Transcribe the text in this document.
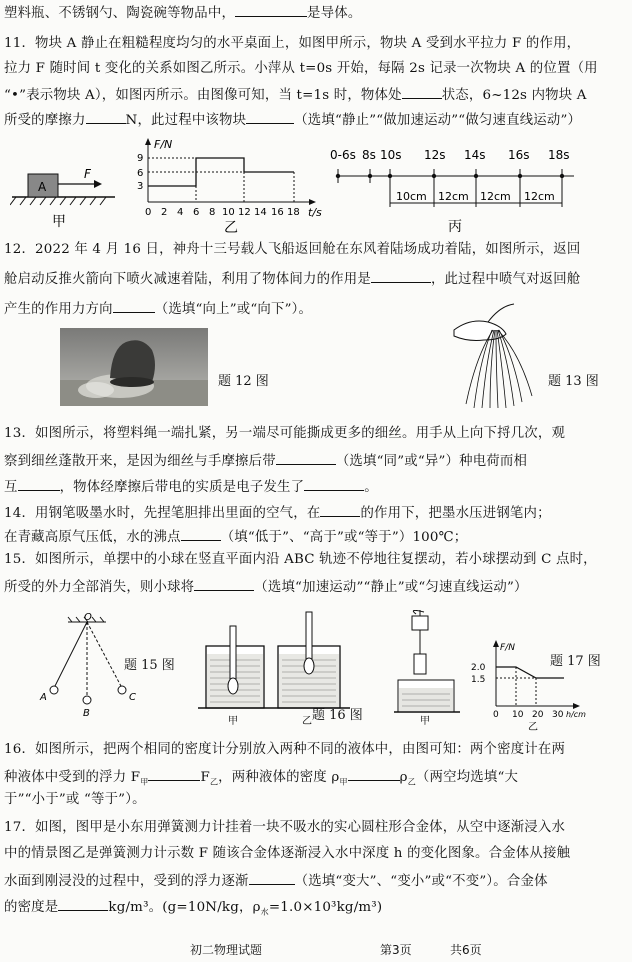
塑料瓶、不锈钢勺、陶瓷碗等物品中，	是导体。
11．物块 A 静止在粗糙程度均匀的水平桌面上，如图甲所示，物块 A 受到水平拉力 F 的作用，
拉力 F 随时间 t 变化的关系如图乙所示。小萍从 t=0s 开始，每隔 2s 记录一次物块 A 的位置（用
“•”表示物块 A），如图丙所示。由图像可知，当 t=1s 时，物体处	状态，6~12s 内物块 A
所受的摩擦力	N，此过程中该物块	（选填“静止”“做加速运动”“做匀速直线运动”）
A
F
甲
F/N
t/s
9
6
3
0 2 4 6 8 10 12 14 16 18
乙
0-6s 8s 10s 12s 14s 16s 18s
10cm 12cm 12cm 12cm
丙
12．2022 年 4 月 16 日，神舟十三号载人飞船返回舱在东风着陆场成功着陆，如图所示，返回
舱启动反推火箭向下喷火减速着陆，利用了物体间力的作用是	，此过程中喷气对返回舱
产生的作用力方向	（选填“向上”或“向下”）。
题 12 图	题 13 图
13．如图所示，将塑料绳一端扎紧，另一端尽可能撕成更多的细丝。用手从上向下捋几次，观
察到细丝蓬散开来，是因为细丝与手摩擦后带	（选填“同”或“异”）种电荷而相
互	，物体经摩擦后带电的实质是电子发生了	。
14．用钢笔吸墨水时，先捏笔胆排出里面的空气，在	的作用下，把墨水压进钢笔内；
在青藏高原气压低，水的沸点	（填“低于”、“高于”或“等于”）100℃；
15．如图所示，单摆中的小球在竖直平面内沿 ABC 轨迹不停地往复摆动，若小球摆动到 C 点时，
所受的外力全部消失，则小球将	（选填“加速运动”“静止”或“匀速直线运动”）
O
A
B
C
题 15 图
甲	乙 题 16 图	甲
F/N
2.0
1.5
0 10 20 30 h/cm
乙
题 17 图
16．如图所示，把两个相同的密度计分别放入两种不同的液体中，由图可知：两个密度计在两
种液体中受到的浮力 $F_甲$	$F_乙$，两种液体的密度 $\rho_甲$	$\rho_乙$（两空均选填“大
于”“小于”或 “等于”）。
17．如图，图甲是小东用弹簧测力计挂着一块不吸水的实心圆柱形合金体，从空中逐渐浸入水
中的情景图乙是弹簧测力计示数 F 随该合金体逐渐浸入水中深度 h 的变化图象。合金体从接触
水面到刚浸没的过程中，受到的浮力逐渐	（选填“变大”、“变小”或“不变”）。合金体
的密度是	kg/m³。(g=10N/kg，$\rho_水=1.0\times 10^3kg/m^3$)
初二物理试题	第3页	共6页
